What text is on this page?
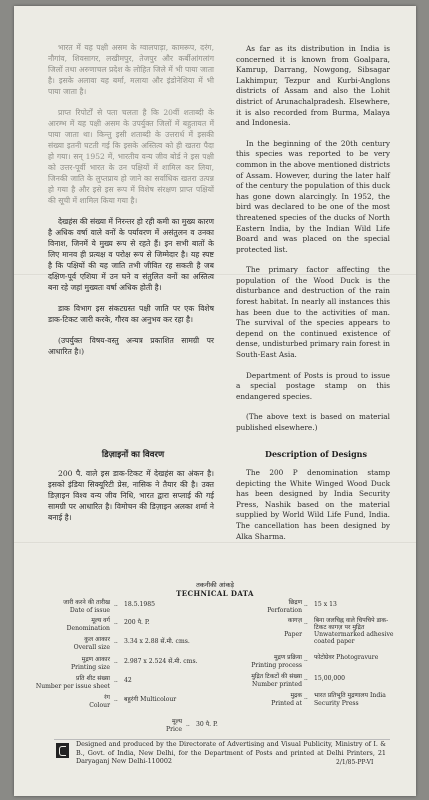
भारत में यह पक्षी असम के ग्वालपाड़ा, कामरूप, दरंग, नौगांव, शिवसागर, लखीमपुर, तेजपुर और कर्बीआंगलांग जिलों तथा अरुणाचल प्रदेश के लोहित जिले में भी पाया जाता है। इसके अलावा यह बर्मा, मलाया और इंडोनेशिया में भी पाया जाता है।

प्राप्त रिपोर्टों से पता चलता है कि 20वीं शताब्दी के आरम्भ में यह पक्षी असम के उपर्युक्त जिलों में बहुतायत में पाया जाता था। किन्तु इसी शताब्दी के उत्तरार्ध में इसकी संख्या इतनी घटती गई कि इसके अस्तित्व को ही खतरा पैदा हो गया। सन् 1952 में, भारतीय वन्य जीव बोर्ड ने इस पक्षी को उत्तर-पूर्वी भारत के उन पक्षियों में शामिल कर लिया, जिनकी जाति के लुप्तप्राय हो जाने का सर्वाधिक खतरा उत्पन्न हो गया है और इसे इस रूप में विशेष संरक्षण प्राप्त पक्षियों की सूची में शामिल किया गया है।

देखहंस की संख्या में निरन्तर हो रही कमी का मुख्य कारण है अधिक वर्षा वाले वनों के पर्यावरण में असंतुलन व उनका विनाश, जिनमें ये मुख्य रूप से रहते हैं। इन सभी बातों के लिए मानव ही प्रत्यक्ष व परोक्ष रूप से जिम्मेदार है। यह स्पष्ट है कि पक्षियों की यह जाति तभी जीवित रह सकती है जब दक्षिण-पूर्व एशिया में उन घने व संतुलित वनों का अस्तित्व बना रहे जहां मुख्यतः वर्षा अधिक होती है।

डाक विभाग इस संकटग्रस्त पक्षी जाति पर एक विशेष डाक-टिकट जारी करके, गौरव का अनुभव कर रहा है।

(उपर्युक्त विषय-वस्तु अन्यत्र प्रकाशित सामग्री पर आधारित है।)

As far as its distribution in India is concerned it is known from Goalpara, Kamrup, Darrang, Nowgong, Sibsagar Lakhimpur, Tezpur and Kurbi-Anglons districts of Assam and also the Lohit district of Arunachalpradesh. Elsewhere, it is also recorded from Burma, Malaya and Indonesia.

In the beginning of the 20th century this species was reported to be very common in the above mentioned districts of Assam. However, during the later half of the century the population of this duck has gone down alarcingly. In 1952, the bird was declared to be one of the most threatened species of the ducks of North Eastern India, by the Indian Wild Life Board and was placed on the special protected list.

The primary factor affecting the population of the Wood Duck is the disturbance and destruction of the rain forest habitat. In nearly all instances this has been due to the activities of man. The survival of the species appears to depend on the continued existence of dense, undisturbed primary rain forest in South-East Asia.

Department of Posts is proud to issue a special postage stamp on this endangered species.

(The above text is based on material published elsewhere.)

डिज़ाइनों का विवरण	Description of Designs

200 पै. वाले इस डाक-टिकट में देखहंस का अंकन है। इसको इंडिया सिक्यूरिटी प्रेस, नासिक ने तैयार की है। उक्त डिज़ाइन विश्व वन्य जीव निधि, भारत द्वारा सप्लाई की गई सामग्री पर आधारित है। विमोचन की डिज़ाइन अलका शर्मा ने बनाई है।

The 200 P denomination stamp depicting the White Winged Wood Duck has been designed by India Security Press, Nashik based on the material supplied by World Wild Life Fund, India. The cancellation has been designed by Alka Sharma.

तकनीकी आंकड़े
TECHNICAL DATA
जारी करने की तारीख
Date of issue
.. 18.5.1985
मूल्य वर्ग
Denomination
.. 200 पै. P.
कुल आकार
Overall size
.. 3.34 x 2.88 सें.मी. cms.
मुद्रण आकार
Printing size
.. 2.987 x 2.524 सें.मी. cms.
प्रति शीट संख्या
Number per issue sheet
.. 42
रंग
Colour
.. बहुरंगी Multicolour
छिद्रण
Perforation
.. 15 x 13
कागज़
Paper
.. बिना जलचिह्न वाले चिपचिपे डाक-टिकट कागज़ पर मुद्रित Unwatermarked adhesive coated paper
मुद्रण प्रक्रिया
Printing process
.. फोटोग्रेवर Photogravure
मुद्रित टिकटों की संख्या
Number printed
.. 15,00,000
मुद्रक
Printed at
.. भारत प्रतिभूति मुद्रणालय India Security Press
मूल्य
Price
.. 30 पै. P.
Designed and produced by the Directorate of Advertising and Visual Publicity, Ministry of I. & B., Govt. of India, New Delhi, for the Department of Posts and printed at Delhi Printers, 21 Daryaganj New Delhi-110002	2/1/85-PP-VI
